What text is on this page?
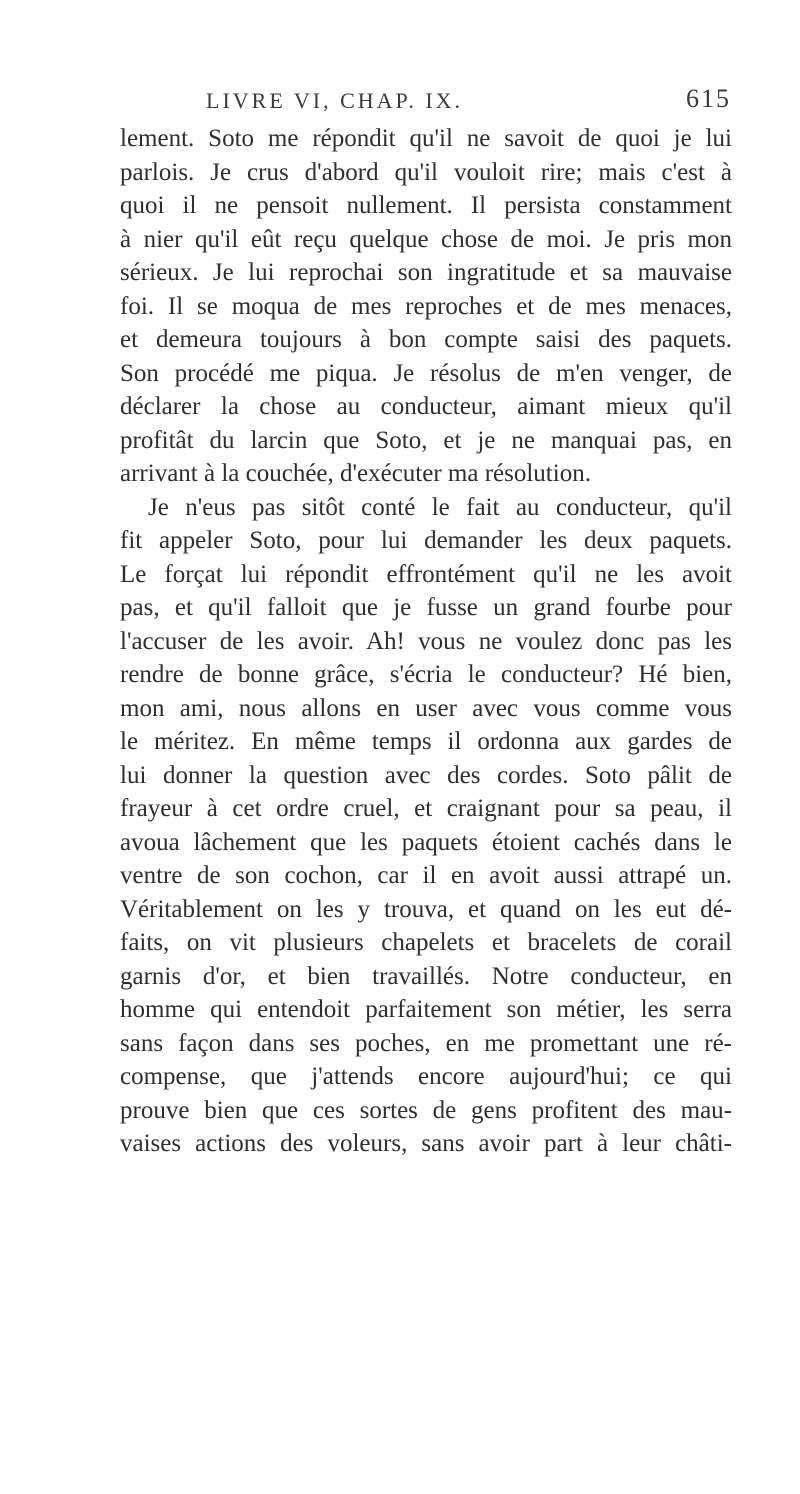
LIVRE VI, CHAP. IX.	615
lement. Soto me répondit qu'il ne savoit de quoi je lui
parlois. Je crus d'abord qu'il vouloit rire; mais c'est à
quoi il ne pensoit nullement. Il persista constamment
à nier qu'il eût reçu quelque chose de moi. Je pris mon
sérieux. Je lui reprochai son ingratitude et sa mauvaise
foi. Il se moqua de mes reproches et de mes menaces,
et demeura toujours à bon compte saisi des paquets.
Son procédé me piqua. Je résolus de m'en venger, de
déclarer la chose au conducteur, aimant mieux qu'il
profitât du larcin que Soto, et je ne manquai pas, en
arrivant à la couchée, d'exécuter ma résolution.
Je n'eus pas sitôt conté le fait au conducteur, qu'il
fit appeler Soto, pour lui demander les deux paquets.
Le forçat lui répondit effrontément qu'il ne les avoit
pas, et qu'il falloit que je fusse un grand fourbe pour
l'accuser de les avoir. Ah! vous ne voulez donc pas les
rendre de bonne grâce, s'écria le conducteur? Hé bien,
mon ami, nous allons en user avec vous comme vous
le méritez. En même temps il ordonna aux gardes de
lui donner la question avec des cordes. Soto pâlit de
frayeur à cet ordre cruel, et craignant pour sa peau, il
avoua lâchement que les paquets étoient cachés dans le
ventre de son cochon, car il en avoit aussi attrapé un.
Véritablement on les y trouva, et quand on les eut dé-
faits, on vit plusieurs chapelets et bracelets de corail
garnis d'or, et bien travaillés. Notre conducteur, en
homme qui entendoit parfaitement son métier, les serra
sans façon dans ses poches, en me promettant une ré-
compense, que j'attends encore aujourd'hui; ce qui
prouve bien que ces sortes de gens profitent des mau-
vaises actions des voleurs, sans avoir part à leur châti-
